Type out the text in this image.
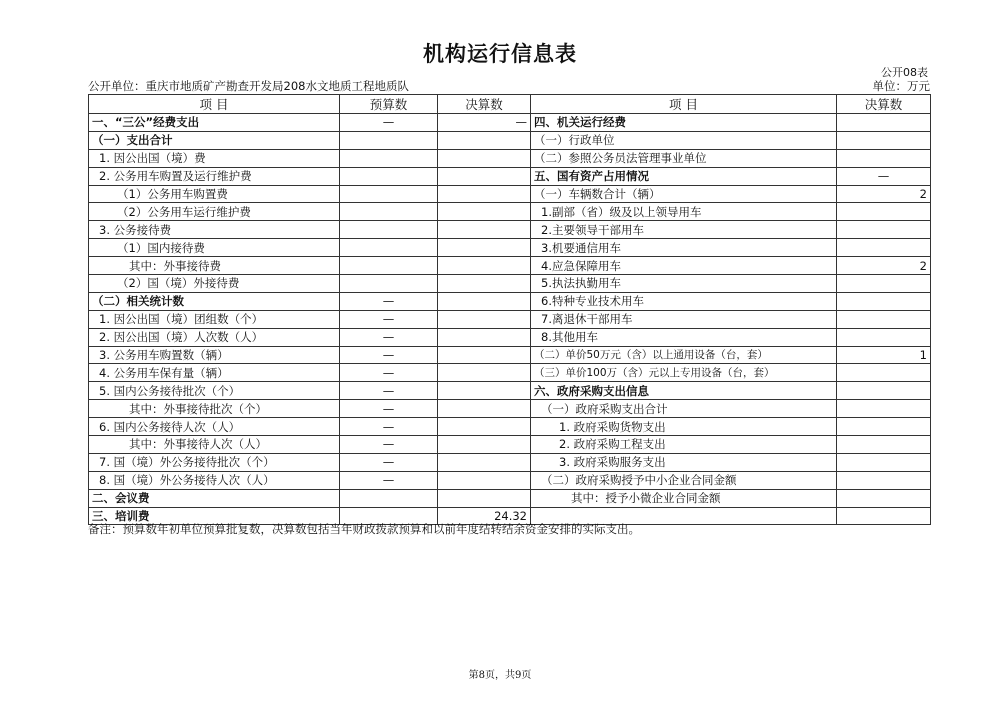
机构运行信息表
公开08表
公开单位：重庆市地质矿产勘查开发局208水文地质工程地质队	单位：万元
项 目	预算数	决算数	项 目	决算数
一、“三公”经费支出	—	—	四、机关运行经费	
（一）支出合计			（一）行政单位	
1. 因公出国（境）费			（二）参照公务员法管理事业单位	
2. 公务用车购置及运行维护费			五、国有资产占用情况	—
（1）公务用车购置费			（一）车辆数合计（辆）	2
（2）公务用车运行维护费			1.副部（省）级及以上领导用车	
3. 公务接待费			2.主要领导干部用车	
（1）国内接待费			3.机要通信用车	
其中：外事接待费			4.应急保障用车	2
（2）国（境）外接待费			5.执法执勤用车	
（二）相关统计数	—		6.特种专业技术用车	
1. 因公出国（境）团组数（个）	—		7.离退休干部用车	
2. 因公出国（境）人次数（人）	—		8.其他用车	
3. 公务用车购置数（辆）	—		（二）单价50万元（含）以上通用设备（台，套）	1
4. 公务用车保有量（辆）	—		（三）单价100万（含）元以上专用设备（台，套）	
5. 国内公务接待批次（个）	—		六、政府采购支出信息	
其中：外事接待批次（个）	—		（一）政府采购支出合计	
6. 国内公务接待人次（人）	—		1. 政府采购货物支出	
其中：外事接待人次（人）	—		2. 政府采购工程支出	
7. 国（境）外公务接待批次（个）	—		3. 政府采购服务支出	
8. 国（境）外公务接待人次（人）	—		（二）政府采购授予中小企业合同金额	
二、会议费			其中：授予小微企业合同金额	
三、培训费		24.32		
备注：预算数年初单位预算批复数，决算数包括当年财政拨款预算和以前年度结转结余资金安排的实际支出。
第8页，共9页
